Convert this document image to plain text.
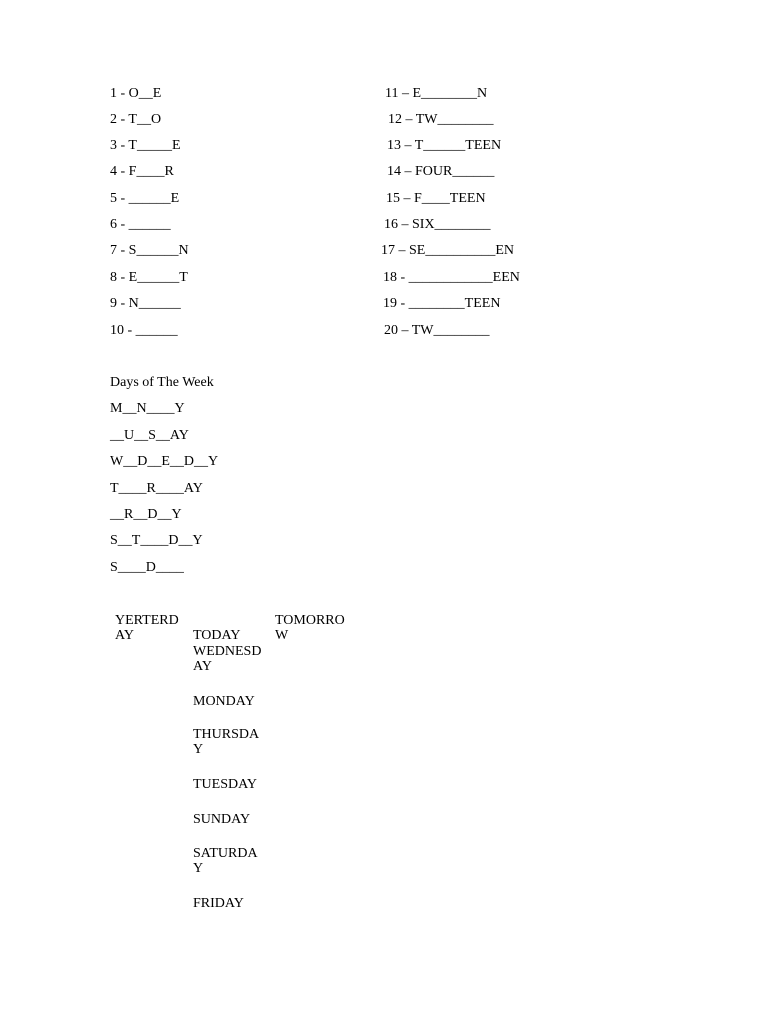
1 - O__E
2 - T__O
3 - T_____E
4 - F____R
5 - ______E
6 - ______
7 - S______N
8 - E______T
9 - N______
10 - ______
11 – E________N
12 – TW________
13 – T______TEEN
14 – FOUR______
15 – F____TEEN
16 – SIX________
17 – SE__________EN
18 - ____________EEN
19 - ________TEEN
20 – TW________
Days of The Week
M__N____Y
__U__S__AY
W__D__E__D__Y
T____R____AY
__R__D__Y
S__T____D__Y
S____D____
YERTERDAY	TODAY
TOMORROW
WEDNESDAY
MONDAY
THURSDAY
TUESDAY
SUNDAY
SATURDAY
FRIDAY
